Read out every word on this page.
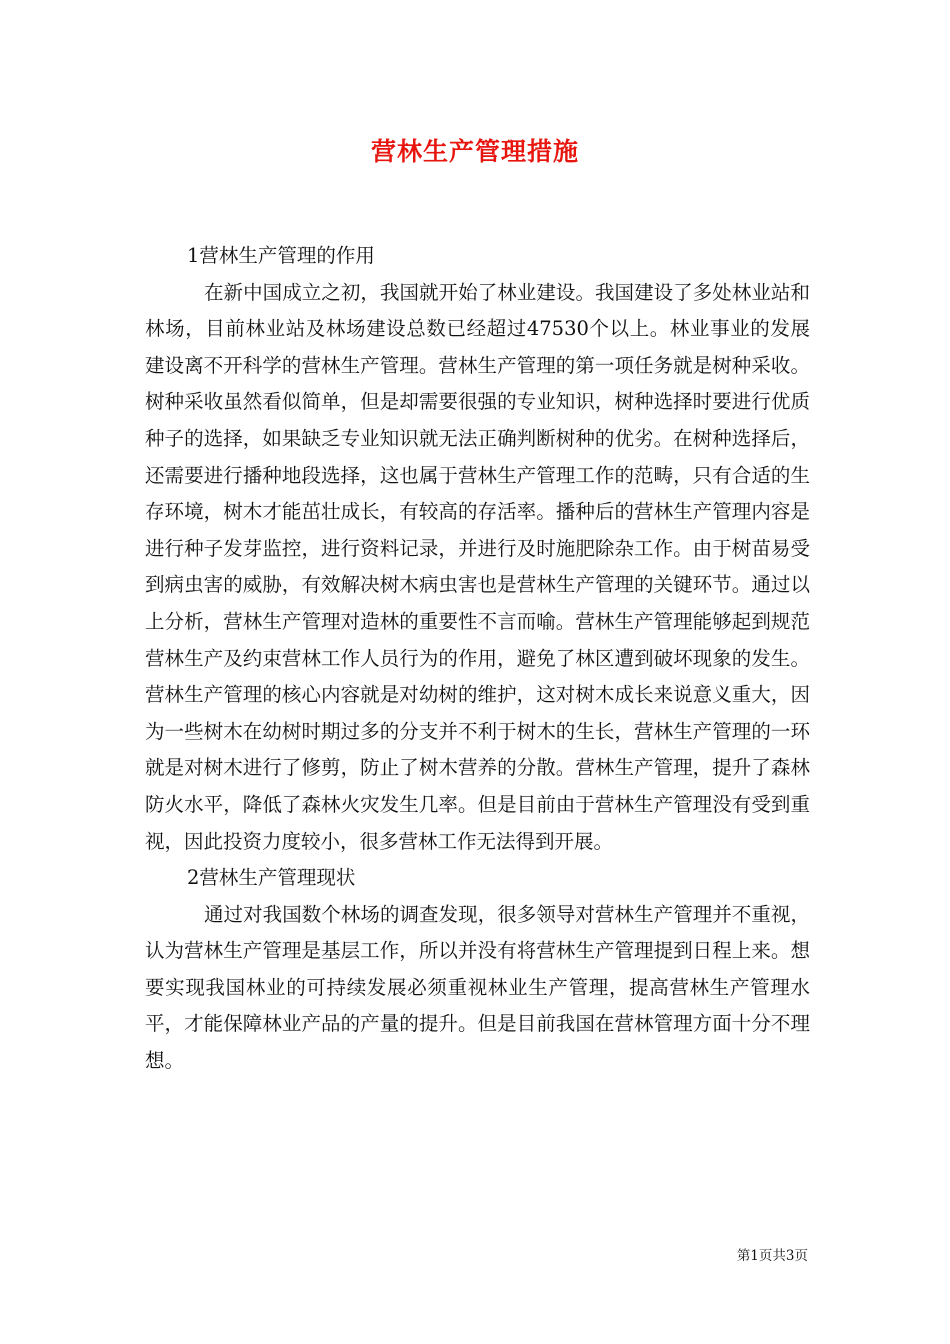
营林生产管理措施

1营林生产管理的作用

在新中国成立之初，我国就开始了林业建设。我国建设了多处林业站和林场，目前林业站及林场建设总数已经超过47530个以上。林业事业的发展建设离不开科学的营林生产管理。营林生产管理的第一项任务就是树种采收。树种采收虽然看似简单，但是却需要很强的专业知识，树种选择时要进行优质种子的选择，如果缺乏专业知识就无法正确判断树种的优劣。在树种选择后，还需要进行播种地段选择，这也属于营林生产管理工作的范畴，只有合适的生存环境，树木才能茁壮成长，有较高的存活率。播种后的营林生产管理内容是进行种子发芽监控，进行资料记录，并进行及时施肥除杂工作。由于树苗易受到病虫害的威胁，有效解决树木病虫害也是营林生产管理的关键环节。通过以上分析，营林生产管理对造林的重要性不言而喻。营林生产管理能够起到规范营林生产及约束营林工作人员行为的作用，避免了林区遭到破坏现象的发生。营林生产管理的核心内容就是对幼树的维护，这对树木成长来说意义重大，因为一些树木在幼树时期过多的分支并不利于树木的生长，营林生产管理的一环就是对树木进行了修剪，防止了树木营养的分散。营林生产管理，提升了森林防火水平，降低了森林火灾发生几率。但是目前由于营林生产管理没有受到重视，因此投资力度较小，很多营林工作无法得到开展。

2营林生产管理现状

通过对我国数个林场的调查发现，很多领导对营林生产管理并不重视，认为营林生产管理是基层工作，所以并没有将营林生产管理提到日程上来。想要实现我国林业的可持续发展必须重视林业生产管理，提高营林生产管理水平，才能保障林业产品的产量的提升。但是目前我国在营林管理方面十分不理想。

第1页共3页
